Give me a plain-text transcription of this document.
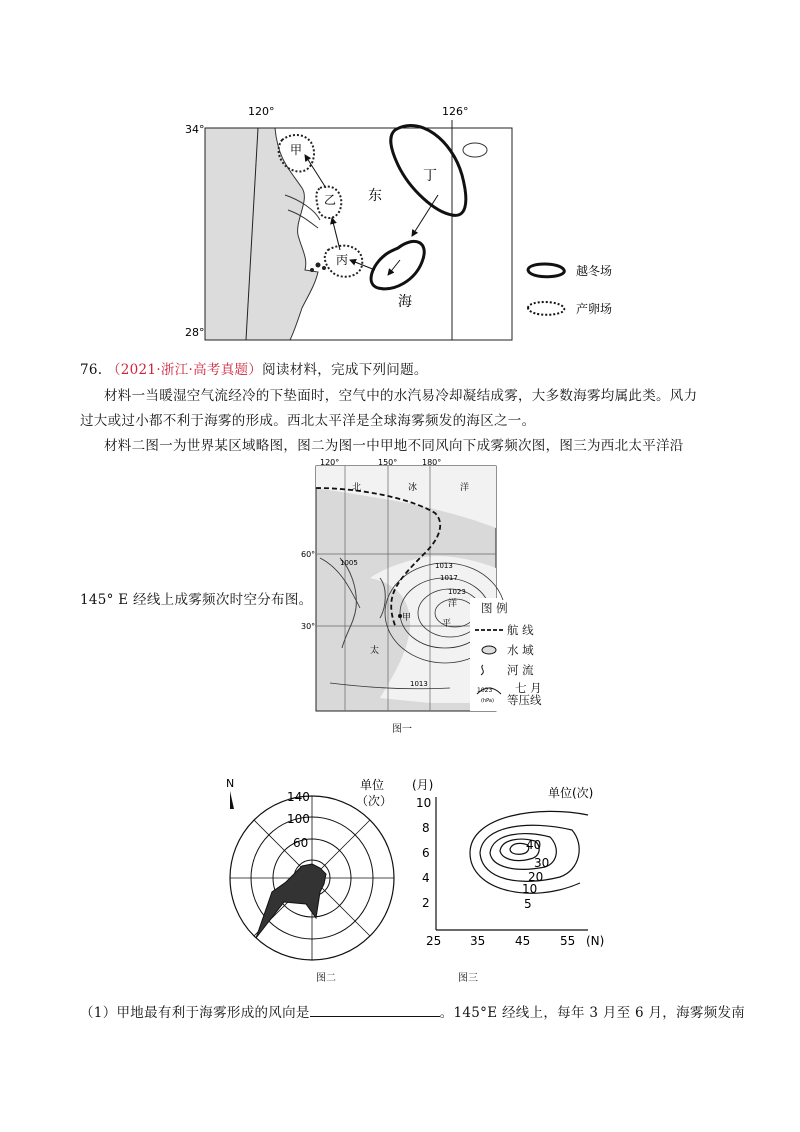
120°	126°
34°
28°
甲
乙
丙
丁
东
海
越冬场
产卵场
76. （2021·浙江·高考真题）阅读材料，完成下列问题。
材料一当暖湿空气流经冷的下垫面时，空气中的水汽易冷却凝结成雾，大多数海雾均属此类。风力
过大或过小都不利于海雾的形成。西北太平洋是全球海雾频发的海区之一。
材料二图一为世界某区域略图，图二为图一中甲地不同风向下成雾频次图，图三为西北太平洋沿
145° E 经线上成雾频次时空分布图。
120°	150°	180°
60°
30°
北	冰	洋
太
平
洋
甲
1005	1013
1017
1023
1013
图 例
航 线
水 域
河 流
1023
(hPa)
七 月
等压线
图一
N
140
100
60
单位
（次）
图二
(月)
单位(次)
10
8
6
4
2
25 35 45 55 (N)
40
30
20
10
5
图三
（1）甲地最有利于海雾形成的风向是	。145°E 经线上，每年 3 月至 6 月，海雾频发南
